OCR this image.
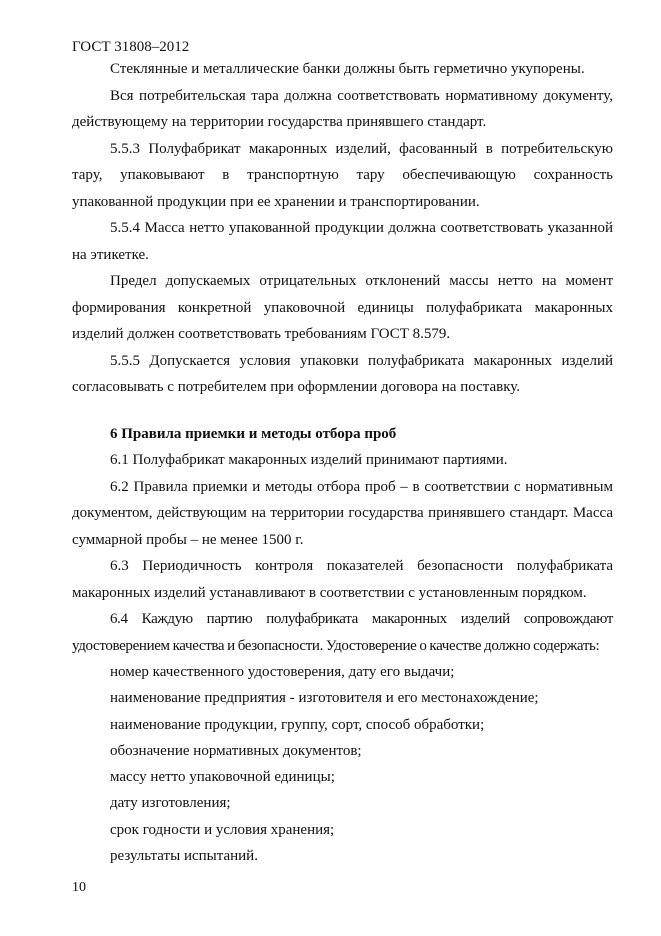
ГОСТ 31808–2012

Стеклянные и металлические банки должны быть герметично укупорены.

Вся потребительская тара должна соответствовать нормативному документу, действующему на территории государства принявшего стандарт.

5.5.3 Полуфабрикат макаронных изделий, фасованный в потребительскую тару, упаковывают в транспортную тару обеспечивающую сохранность упакованной продукции при ее хранении и транспортировании.

5.5.4 Масса нетто упакованной продукции должна соответствовать указанной на этикетке.

Предел допускаемых отрицательных отклонений массы нетто на момент формирования конкретной упаковочной единицы полуфабриката макаронных изделий должен соответствовать требованиям ГОСТ 8.579.

5.5.5 Допускается условия упаковки полуфабриката макаронных изделий согласовывать с потребителем при оформлении договора на поставку.

6 Правила приемки и методы отбора проб

6.1 Полуфабрикат макаронных изделий принимают партиями.

6.2 Правила приемки и методы отбора проб – в соответствии с нормативным документом, действующим на территории государства принявшего стандарт. Масса суммарной пробы – не менее 1500 г.

6.3 Периодичность контроля показателей безопасности полуфабриката макаронных изделий устанавливают в соответствии с установленным порядком.

6.4 Каждую партию полуфабриката макаронных изделий сопровождают удостоверением качества и безопасности. Удостоверение о качестве должно содержать:

номер качественного удостоверения, дату его выдачи;
наименование предприятия - изготовителя и его местонахождение;
наименование продукции, группу, сорт, способ обработки;
обозначение нормативных документов;
массу нетто упаковочной единицы;
дату изготовления;
срок годности и условия хранения;
результаты испытаний.
10
